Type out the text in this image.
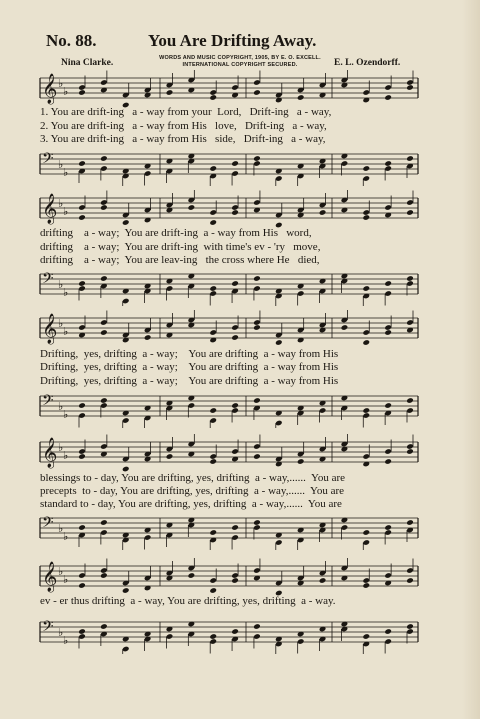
No. 88.	You Are Drifting Away.
WORDS AND MUSIC COPYRIGHT, 1905, BY E. O. EXCELL.
INTERNATIONAL COPYRIGHT SECURED.
Nina Clarke.	E. L. Ozendorff.
𝄞 ♭
♭
1. You are drift-ing   a - way from your  Lord,   Drift-ing   a - way,
2. You are drift-ing   a - way from His   love,   Drift-ing   a - way,
3. You are drift-ing   a - way from His   side,   Drift-ing   a - way,
𝄢 ♭
♭
𝄞 ♭
♭
drifting    a - way;  You are drift-ing  a - way from His   word,
drifting    a - way;  You are drift-ing  with time's ev - 'ry   move,
drifting    a - way;  You are leav-ing   the cross where He   died,
𝄢 ♭
♭
𝄞 ♭
♭
Drifting,  yes, drifting  a - way;    You are drifting  a - way from His
Drifting,  yes, drifting  a - way;    You are drifting  a - way from His
Drifting,  yes, drifting  a - way;    You are drifting  a - way from His
𝄢 ♭
♭
𝄞 ♭
♭
blessings to - day, You are drifting, yes, drifting  a - way,......  You are
precepts  to - day, You are drifting, yes, drifting  a - way,......  You are
standard to - day, You are drifting, yes, drifting  a - way,......  You are
𝄢 ♭
♭
𝄞 ♭
♭
ev - er thus drifting  a - way, You are drifting, yes, drifting  a - way.
𝄢 ♭
♭
